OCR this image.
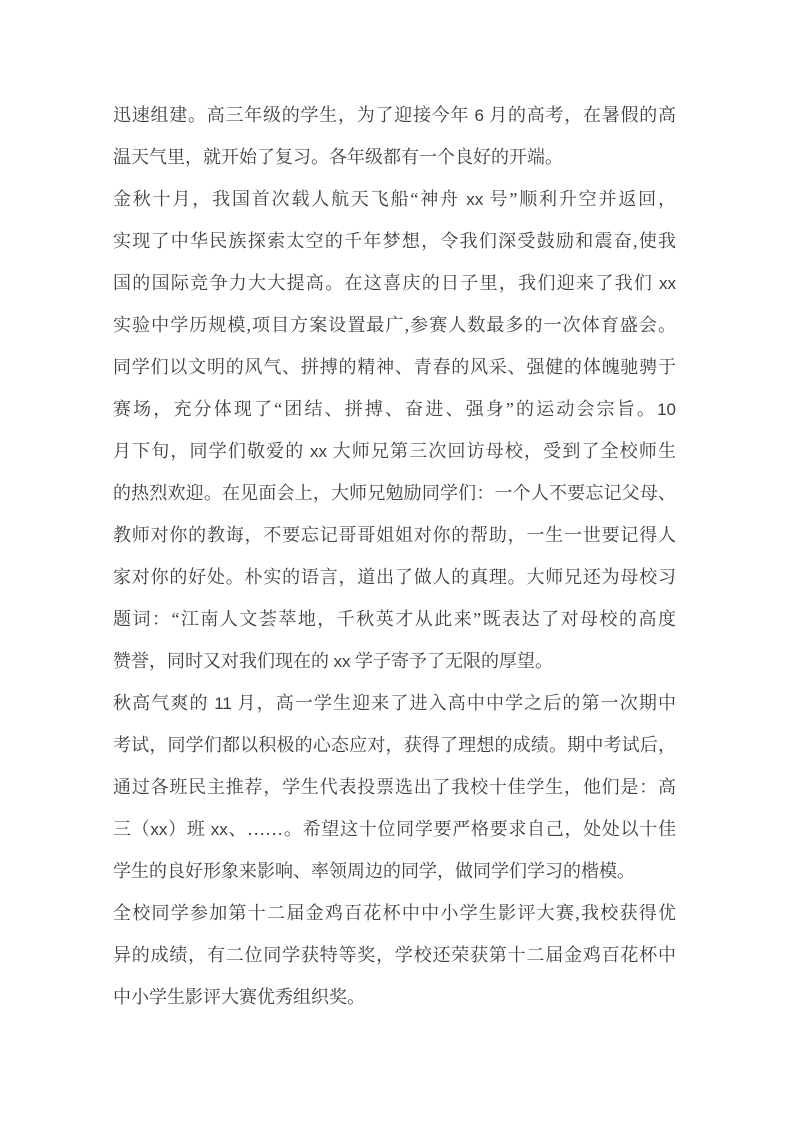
迅速组建。高三年级的学生，为了迎接今年 6 月的高考，在暑假的高
温天气里，就开始了复习。各年级都有一个良好的开端。
金秋十月，我国首次载人航天飞船“神舟 xx 号”顺利升空并返回，
实现了中华民族探索太空的千年梦想，令我们深受鼓励和震奋,使我
国的国际竞争力大大提高。在这喜庆的日子里，我们迎来了我们 xx
实验中学历规模,项目方案设置最广,参赛人数最多的一次体育盛会。
同学们以文明的风气、拼搏的精神、青春的风采、强健的体魄驰骋于
赛场，充分体现了“团结、拼搏、奋进、强身”的运动会宗旨。10
月下旬，同学们敬爱的 xx 大师兄第三次回访母校，受到了全校师生
的热烈欢迎。在见面会上，大师兄勉励同学们：一个人不要忘记父母、
教师对你的教诲，不要忘记哥哥姐姐对你的帮助，一生一世要记得人
家对你的好处。朴实的语言，道出了做人的真理。大师兄还为母校习
题词：“江南人文荟萃地，千秋英才从此来”既表达了对母校的高度
赞誉，同时又对我们现在的 xx 学子寄予了无限的厚望。
秋高气爽的 11 月，高一学生迎来了进入高中中学之后的第一次期中
考试，同学们都以积极的心态应对，获得了理想的成绩。期中考试后，
通过各班民主推荐，学生代表投票选出了我校十佳学生，他们是：高
三（xx）班 xx、……。希望这十位同学要严格要求自己，处处以十佳
学生的良好形象来影响、率领周边的同学，做同学们学习的楷模。
全校同学参加第十二届金鸡百花杯中中小学生影评大赛,我校获得优
异的成绩，有二位同学获特等奖，学校还荣获第十二届金鸡百花杯中
中小学生影评大赛优秀组织奖。
